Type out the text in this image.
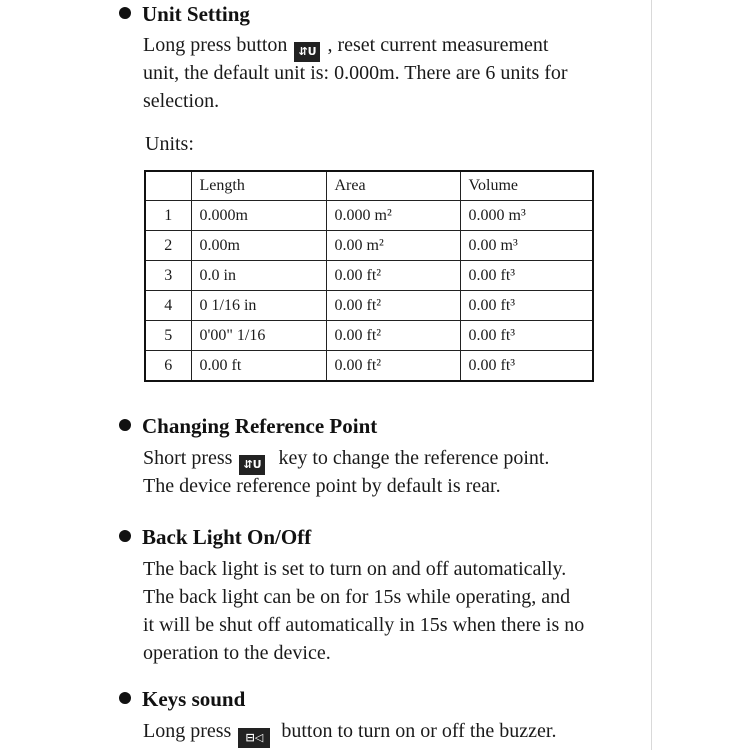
Unit Setting
Long press button ⇵U , reset current measurement
unit, the default unit is: 0.000m. There are 6 units for
selection.
Units:
	Length	Area	Volume
1	0.000m	0.000 m²	0.000 m³
2	0.00m	0.00 m²	0.00 m³
3	0.0 in	0.00 ft²	0.00 ft³
4	0 1/16 in	0.00 ft²	0.00 ft³
5	0'00" 1/16	0.00 ft²	0.00 ft³
6	0.00 ft	0.00 ft²	0.00 ft³
Changing Reference Point
Short press ⇵U key to change the reference point.
The device reference point by default is rear.
Back Light On/Off
The back light is set to turn on and off automatically.
The back light can be on for 15s while operating, and
it will be shut off automatically in 15s when there is no
operation to the device.
Keys sound
Long press ⊟◁ button to turn on or off the buzzer.
